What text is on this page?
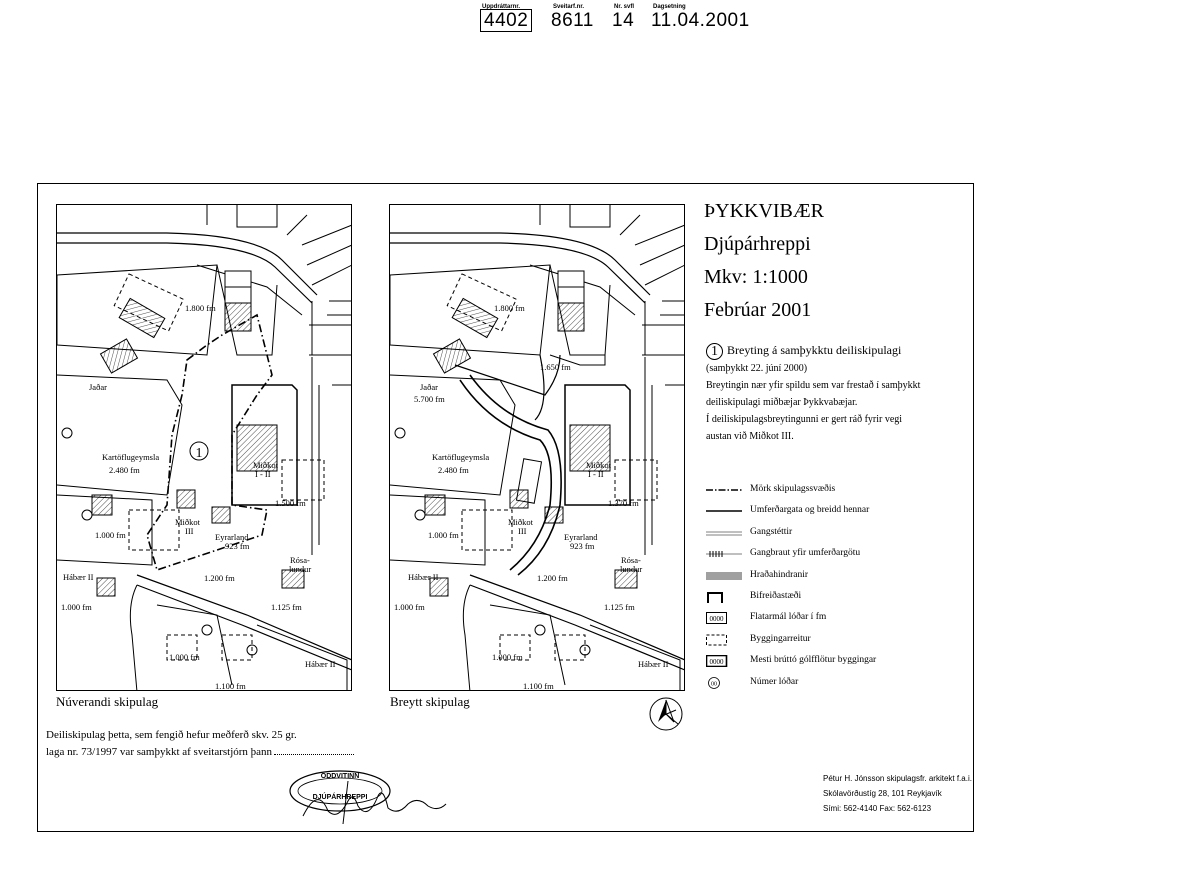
Uppdráttarnr.
4402
Sveitarf.nr.
8611
Nr. svfl
14
Dagsetning
11.04.2001
1
Jaðar
Kartöflugeymsla
2.480 fm
1.800 fm
Miðkot
I - II
1.500 fm
Miðkot
III
Eyrarland
923 fm
1.000 fm
1.200 fm
Rósa-
lundur
1.125 fm
Hábær II
1.000 fm
1.000 fm
1.100 fm
Hábær II
Jaðar
5.700 fm
1.650 fm
Kartöflugeymsla
2.480 fm
1.800 fm
Miðkot
I - II
1.370 fm
Miðkot
III
Eyrarland
923 fm
1.000 fm
1.200 fm
Rósa-
lundur
1.125 fm
Hábær II
1.000 fm
1.000 fm
1.100 fm
Hábær II
Núverandi skipulag	Breytt skipulag
ÞYKKVIBÆR
Djúpárhreppi
Mkv: 1:1000
Febrúar 2001
1 Breyting á samþykktu deiliskipulagi
(samþykkt 22. júní 2000)
Breytingin nær yfir spildu sem var frestað í samþykkt
deiliskipulagi miðbæjar Þykkvabæjar.
Í deiliskipulagsbreytingunni er gert ráð fyrir vegi
austan við Miðkot III.
Mörk skipulagssvæðis
Umferðargata og breidd hennar
Gangstéttir
Gangbraut yfir umferðargötu
Hraðahindranir
Bifreiðastæði
0000	Flatarmál lóðar í fm
Byggingarreitur
0000	Mesti brúttó gólfflötur byggingar
00	Númer lóðar
Deiliskipulag þetta, sem fengið hefur meðferð skv. 25 gr.
laga nr. 73/1997 var samþykkt af sveitarstjórn þann
ODDVITINN
DJÚPÁRHREPPI
Pétur H. Jónsson skipulagsfr. arkitekt f.a.i.
Skólavörðustíg 28, 101 Reykjavík
Sími: 562-4140 Fax: 562-6123
